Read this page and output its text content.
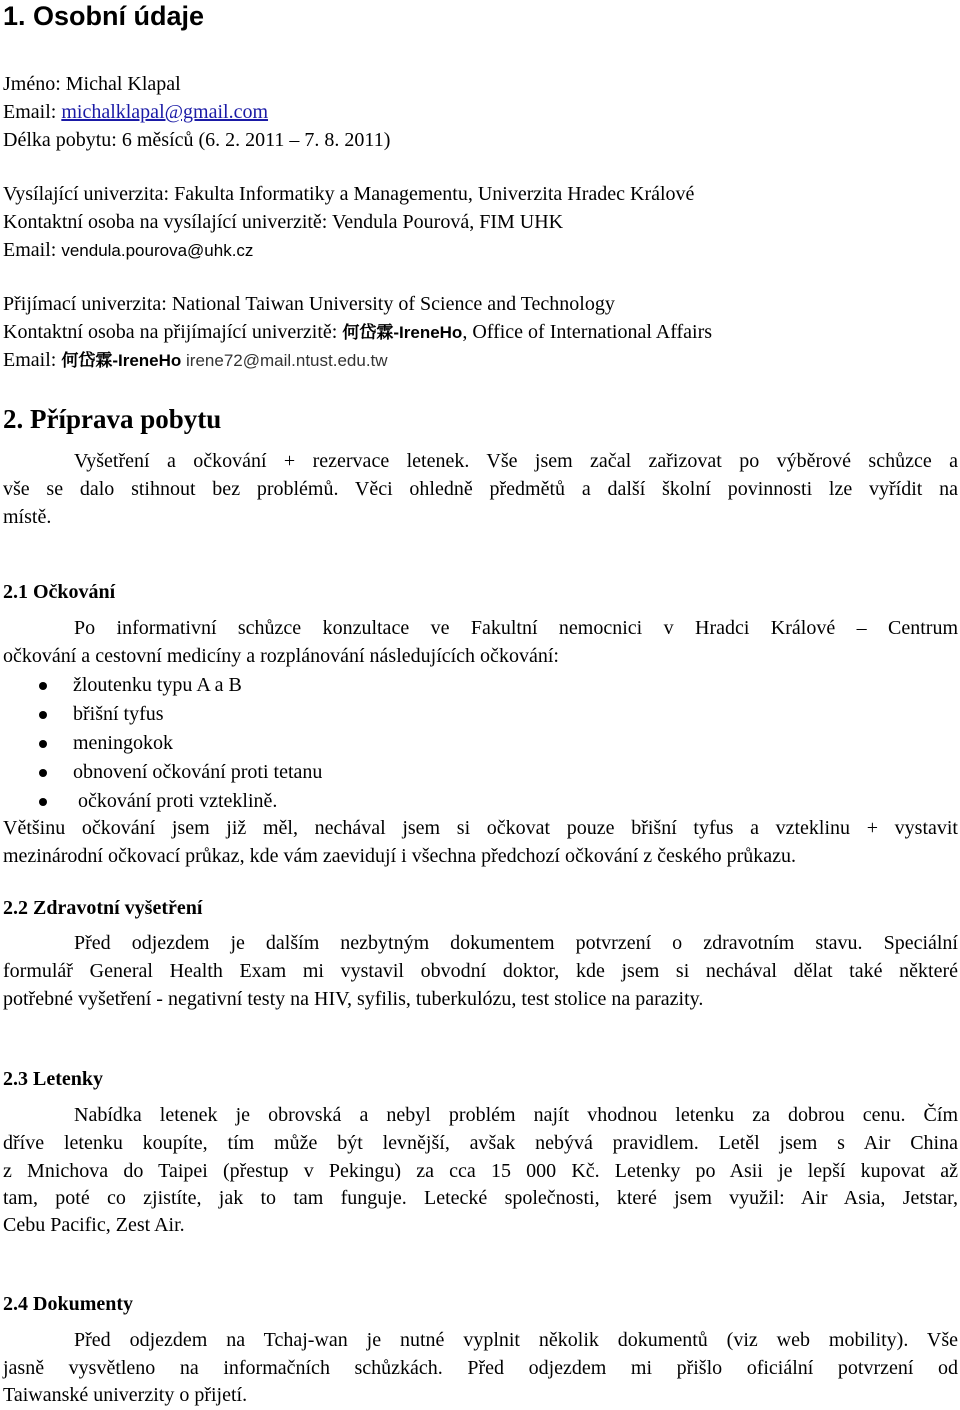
1. Osobní údaje
Jméno: Michal Klapal
Email: michalklapal@gmail.com
Délka pobytu: 6 měsíců (6. 2. 2011 – 7. 8. 2011)
Vysílající univerzita: Fakulta Informatiky a Managementu, Univerzita Hradec Králové
Kontaktní osoba na vysílající univerzitě: Vendula Pourová, FIM UHK
Email: vendula.pourova@uhk.cz
Přijímací univerzita: National Taiwan University of Science and Technology
Kontaktní osoba na přijímající univerzitě: 何岱霖-IreneHo, Office of International Affairs
Email: 何岱霖-IreneHo irene72@mail.ntust.edu.tw
2. Příprava pobytu
Vyšetření a očkování + rezervace letenek. Vše jsem začal zařizovat po výběrové schůzce a
vše se dalo stihnout bez problémů. Věci ohledně předmětů a další školní povinnosti lze vyřídit na
místě.
2.1 Očkování
Po informativní schůzce konzultace ve Fakultní nemocnici v Hradci Králové – Centrum
očkování a cestovní medicíny a rozplánování následujících očkování:
žloutenku typu A a B
břišní tyfus
meningokok
obnovení očkování proti tetanu
očkování proti vzteklině.
Většinu očkování jsem již měl, nechával jsem si očkovat pouze břišní tyfus a vzteklinu + vystavit
mezinárodní očkovací průkaz, kde vám zaevidují i všechna předchozí očkování z českého průkazu.
2.2 Zdravotní vyšetření
Před odjezdem je dalším nezbytným dokumentem potvrzení o zdravotním stavu. Speciální
formulář General Health Exam mi vystavil obvodní doktor, kde jsem si nechával dělat také některé
potřebné vyšetření - negativní testy na HIV, syfilis, tuberkulózu, test stolice na parazity.
2.3 Letenky
Nabídka letenek je obrovská a nebyl problém najít vhodnou letenku za dobrou cenu. Čím
dříve letenku koupíte, tím může být levnější, avšak nebývá pravidlem. Letěl jsem s Air China
z Mnichova do Taipei (přestup v Pekingu) za cca 15 000 Kč. Letenky po Asii je lepší kupovat až
tam, poté co zjistíte, jak to tam funguje. Letecké společnosti, které jsem využil: Air Asia, Jetstar,
Cebu Pacific, Zest Air.
2.4 Dokumenty
Před odjezdem na Tchaj-wan je nutné vyplnit několik dokumentů (viz web mobility). Vše
jasně vysvětleno na informačních schůzkách. Před odjezdem mi přišlo oficiální potvrzení od
Taiwanské univerzity o přijetí.
